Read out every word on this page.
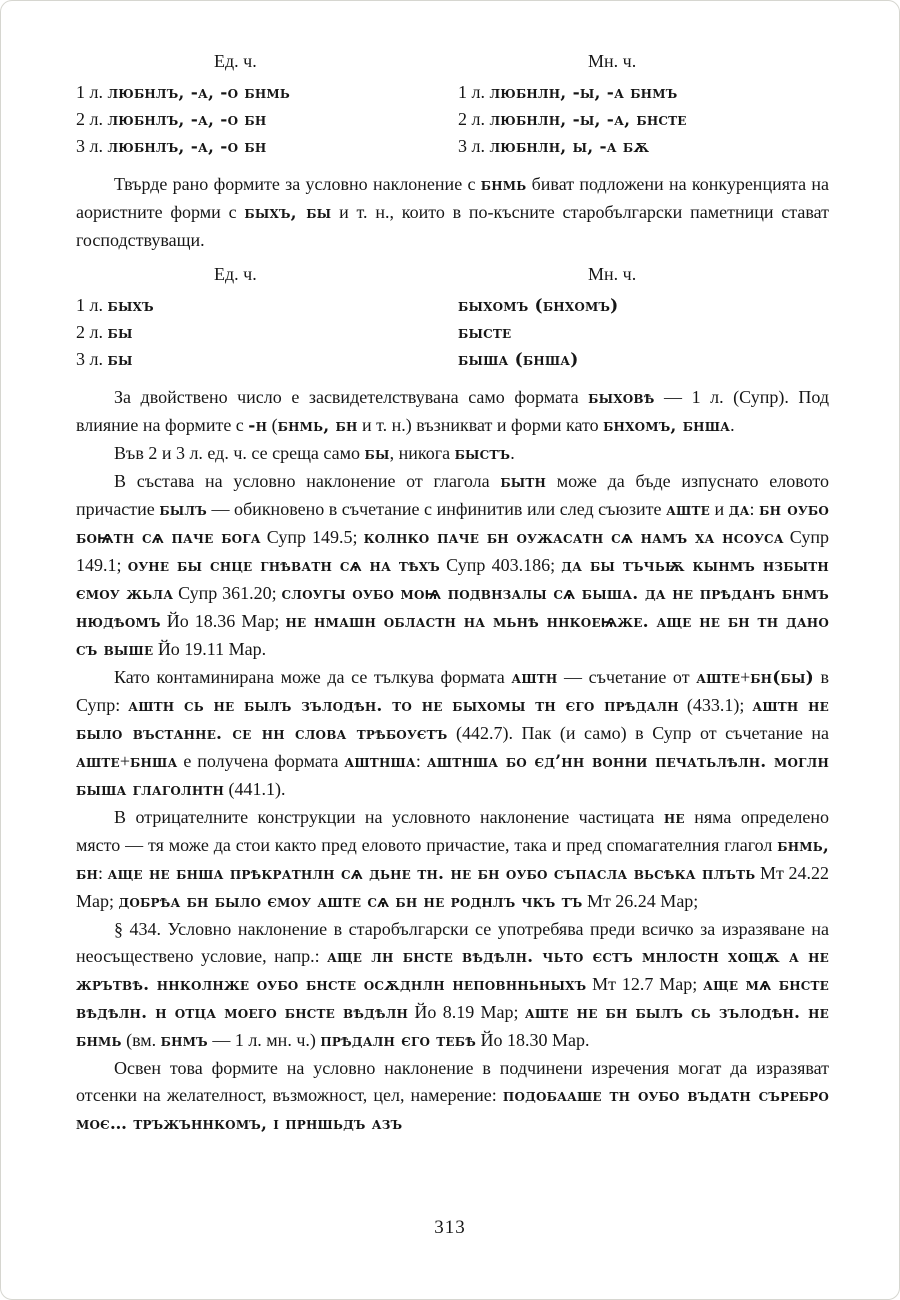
Ед. ч.	Мн. ч.
1 л. любнлъ, -а, -о бнмь	1 л. любнлн, -ы, -а бнмъ
2 л. любнлъ, -а, -о бн	2 л. любнлн, -ы, -а, бнсте
3 л. любнлъ, -а, -о бн	3 л. любнлн, ы, -а бѫ

Твърде рано формите за условно наклонение с бнмь биват подложени на конкуренцията на аористните форми с быхъ, бы и т. н., които в по-късните старобългарски паметници стават господствуващи.

Ед. ч.	Мн. ч.
1 л. быхъ	быхомъ (бнхомъ)
2 л. бы	бысте
3 л. бы	быша (бнша)

За двойствено число е засвидетелствувана само формата быховѣ — 1 л. (Супр). Под влияние на формите с -н (бнмь, бн и т. н.) възникват и форми като бнхомъ, бнша.

Във 2 и 3 л. ед. ч. се среща само бы, никога быстъ.

В състава на условно наклонение от глагола бытн може да бъде изпуснато еловото причастие былъ — обикновено в съчетание с инфинитив или след съюзите аште и да: бн оубо боѩтн сѧ паче бога Супр 149.5; колнко паче бн оужасатн сѧ намъ ха нсоуса Супр 149.1; оуне бы снце гнѣватн сѧ на тѣхъ Супр 403.186; да бы тъчьѭ кынмъ нзбытн ємоу жьла Супр 361.20; слоугы оубо моѩ подвнзалы сѧ быша. да не прѣданъ бнмъ нюдѣомъ Йо 18.36 Мар; не нмашн областн на мьнѣ ннкоеѩже. аще не бн тн дано съ выше Йо 19.11 Мар.

Като контаминирана може да се тълкува формата аштн — съчетание от аште+бн(бы) в Супр: аштн сь не былъ зълодѣн. то не быхомы тн єго прѣдалн (433.1); аштн не было въстанне. се нн слова трѣбоуєтъ (442.7). Пак (и само) в Супр от съчетание на аште+бнша е получена формата аштнша: аштнша бо єд’нн вонни печатьлѣлн. моглн быша глаголнтн (441.1).

В отрицателните конструкции на условното наклонение частицата не няма определено място — тя може да стои както пред еловото причастие, така и пред спомагателния глагол бнмь, бн: аще не бнша прѣкратнлн сѧ дьне тн. не бн оубо съпасла вьсѣка плъть Мт 24.22 Мар; добрѣа бн было ємоу аште сѧ бн не роднлъ чкъ тъ Мт 26.24 Мар;

§ 434. Условно наклонение в старобългарски се употребява преди всичко за изразяване на неосъществено условие, напр.: аще лн бнсте вѣдѣлн. чьто єстъ мнлостн хощѫ а не жрътвѣ. ннколнже оубо бнсте осѫднлн неповнньныхъ Мт 12.7 Мар; аще мѧ бнсте вѣдѣлн. н отца моего бнсте вѣдѣлн Йо 8.19 Мар; аште не бн былъ сь зълодѣн. не бнмь (вм. бнмъ — 1 л. мн. ч.) прѣдалн єго тебѣ Йо 18.30 Мар.

Освен това формите на условно наклонение в подчинени изречения могат да изразяват отсенки на желателност, възможност, цел, намерение: подобааше тн оубо въдатн съребро моє… тръжъннкомъ, і прншьдъ азъ

313
